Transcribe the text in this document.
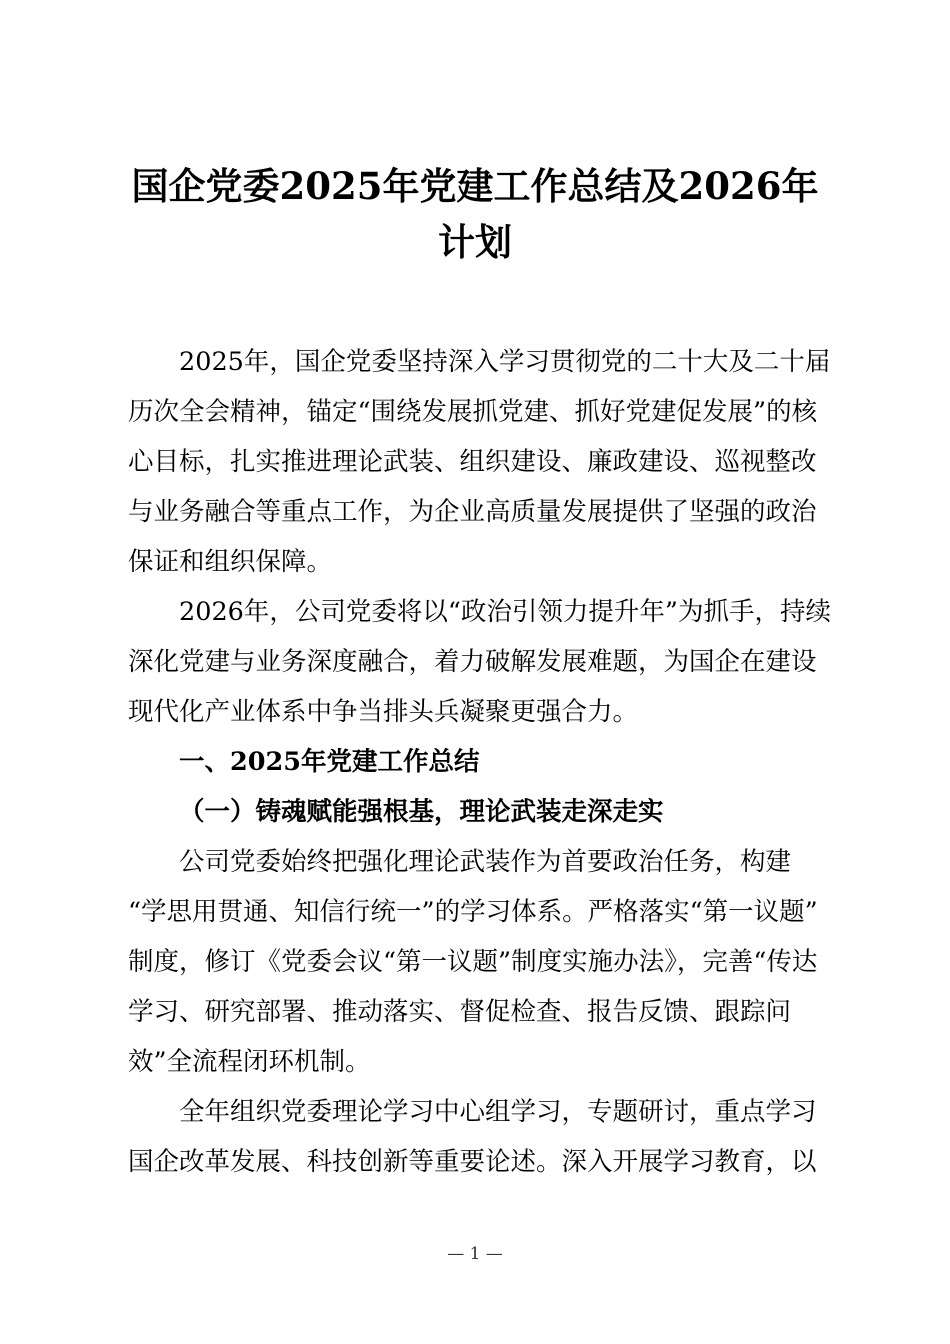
国企党委2025年党建工作总结及2026年
计划
2025年，国企党委坚持深入学习贯彻党的二十大及二十届
历次全会精神，锚定“围绕发展抓党建、抓好党建促发展”的核
心目标，扎实推进理论武装、组织建设、廉政建设、巡视整改
与业务融合等重点工作，为企业高质量发展提供了坚强的政治
保证和组织保障。
2026年，公司党委将以“政治引领力提升年”为抓手，持续
深化党建与业务深度融合，着力破解发展难题，为国企在建设
现代化产业体系中争当排头兵凝聚更强合力。
一、2025年党建工作总结
（一）铸魂赋能强根基，理论武装走深走实
公司党委始终把强化理论武装作为首要政治任务，构建
“学思用贯通、知信行统一”的学习体系。严格落实“第一议题”
制度，修订《党委会议“第一议题”制度实施办法》，完善“传达
学习、研究部署、推动落实、督促检查、报告反馈、跟踪问
效”全流程闭环机制。
全年组织党委理论学习中心组学习，专题研讨，重点学习
国企改革发展、科技创新等重要论述。深入开展学习教育，以
— 1 —
